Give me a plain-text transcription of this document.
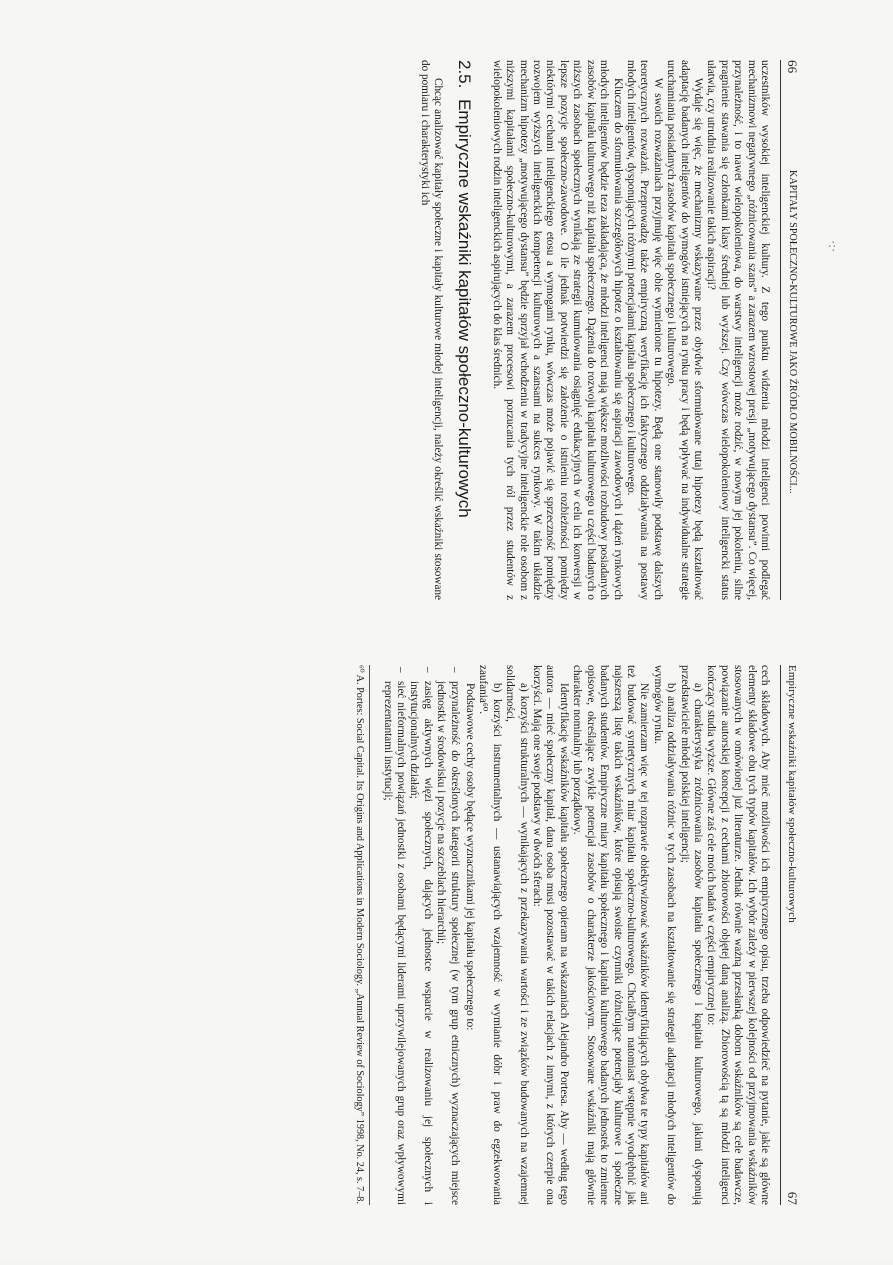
·:·
66
KAPITAŁY SPOŁECZNO-KULTUROWE JAKO ŹRÓDŁO MOBILNOŚCI...

uczestników wysokiej inteligenckiej kultury. Z tego punktu widzenia młodzi inteligenci powinni podlegać mechanizmowi negatywnego „różnicowania szans” a zarazem wzrostowej presji „motywującego dystansu”. Co więcej, przynależność, i to nawet wielopokoleniowa, do warstwy inteligencji może rodzić, w nowym jej pokoleniu, silne pragnienie stawania się członkami klasy średniej lub wyższej. Czy wówczas wielopokoleniowy inteligencki status ułatwia, czy utrudnia realizowanie takich aspiracji?

Wydaje się więc, że mechanizmy wskazywane przez obydwie sformułowane tutaj hipotezy będą kształtować adaptację badanych inteligentów do wymogów istniejących na rynku pracy i będą wpływać na indywidualne strategie uruchamiania posiadanych zasobów kapitału społecznego i kulturowego.

W swoich rozważaniach przyjmuję więc obie wymienione tu hipotezy. Będą one stanowiły podstawę dalszych teoretycznych rozważań. Przeprowadzę także empiryczną weryfikację ich faktycznego oddziaływania na postawy młodych inteligentów, dysponujących różnymi potencjałami kapitału społecznego i kulturowego.

Kluczem do sformułowania szczegółowych hipotez o kształtowaniu się aspiracji zawodowych i dążeń rynkowych młodych inteligentów będzie teza zakładająca, że młodzi inteligenci mają większe możliwości rozbudowy posiadanych zasobów kapitału kulturowego niż kapitału społecznego. Dążenia do rozwoju kapitału kulturowego u części badanych o niższych zasobach społecznych wynikają ze strategii kumulowania osiągnięć edukacyjnych w celu ich konwersji w lepsze pozycje społeczno-zawodowe. O ile jednak potwierdzi się założenie o istnieniu rozbieżności pomiędzy niektórymi cechami inteligenckiego etosu a wymogami rynku, wówczas może pojawić się sprzeczność pomiędzy rozwojem wyższych inteligenckich kompetencji kulturowych a szansami na sukces rynkowy. W takim układzie mechanizm hipotezy „motywującego dystansu” będzie sprzyjał wchodzeniu w tradycyjne inteligenckie role osobom z niższymi kapitałami społeczno-kulturowymi, a zarazem procesowi porzucania tych ról przez studentów z wielopokoleniowych rodzin inteligenckich aspirujących do klas średnich.

2.5. Empiryczne wskaźniki kapitałów społeczno-kulturowych

Chcąc analizować kapitały społeczne i kapitały kulturowe młodej inteligencji, należy określić wskaźniki stosowane do pomiaru i charakterystyki ich

Empiryczne wskaźniki kapitałów społeczno-kulturowych
67

cech składowych. Aby mieć możliwości ich empirycznego opisu, trzeba odpowiedzieć na pytanie, jakie są główne elementy składowe obu tych typów kapitałów. Ich wybór zależy w pierwszej kolejności od przyjmowania wskaźników stosowanych w omówionej już literaturze. Jednak równie ważną przesłanką doboru wskaźników są cele badawcze, powiązanie autorskiej koncepcji z cechami zbiorowości objętej daną analizą. Zbiorowością tą są młodzi inteligenci kończący studia wyższe. Główne zaś cele moich badań w części empirycznej to:

a) charakterystyka zróżnicowania zasobów kapitału społecznego i kapitału kulturowego, jakimi dysponują przedstawiciele młodej polskiej inteligencji;

b) analiza oddziaływania różnic w tych zasobach na kształtowanie się strategii adaptacji młodych inteligentów do wymogów rynku.

Nie zamierzam więc w tej rozprawie obiektywizować wskaźników identyfikujących obydwa te typy kapitałów ani też budować syntetycznych miar kapitału społeczno-kulturowego. Chciałbym natomiast wstępnie wyodrębnić jak najszerszą listę takich wskaźników, które opisują swoiste czynniki różnicujące potencjały kulturowe i społeczne badanych studentów. Empiryczne miary kapitału społecznego i kapitału kulturowego badanych jednostek to zmienne opisowe, określające zwykle potencjał zasobów o charakterze jakościowym. Stosowane wskaźniki mają głównie charakter nominalny lub porządkowy.

Identyfikację wskaźników kapitału społecznego opieram na wskazaniach Alejandro Portesa. Aby — według tego autora — mieć społeczny kapitał, dana osoba musi pozostawać w takich relacjach z innymi, z których czerpie ona korzyści. Mają one swoje podstawy w dwóch sferach:

a) korzyści strukturalnych — wynikających z przekazywania wartości i ze związków budowanych na wzajemnej solidarności,

b) korzyści instrumentalnych — ustanawiających wzajemność w wymianie dóbr i praw do egzekwowania zaufania⁶⁰.

Podstawowe cechy osoby będące wyznacznikami jej kapitału społecznego to:

– przynależność do określonych kategorii struktury społecznej (w tym grup etnicznych) wyznaczających miejsce jednostki w środowisku i pozycje na szczeblach hierarchii;
– zasięg aktywnych więzi społecznych, dających jednostce wsparcie w realizowaniu jej społecznych i instytucjonalnych działań;
– sieć nieformalnych powiązań jednostki z osobami będącymi liderami uprzywilejowanych grup oraz wpływowymi reprezentantami instytucji;
⁶⁰ A. Portes: Social Capital. Its Origins and Applications in Modern Sociology. „Annual Review of Sociology” 1998, No. 24, s. 7–8.
